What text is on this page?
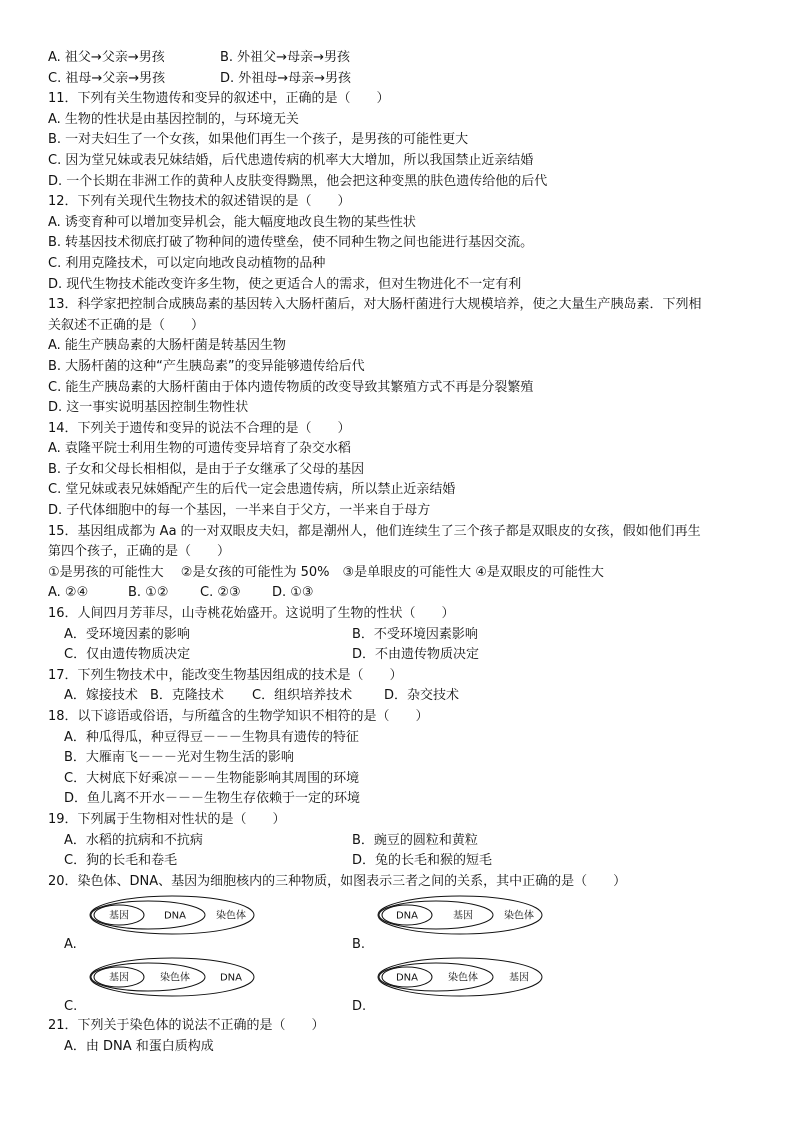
A. 祖父→父亲→男孩	B. 外祖父→母亲→男孩
C. 祖母→父亲→男孩	D. 外祖母→母亲→男孩
11．下列有关生物遗传和变异的叙述中，正确的是（　　）
A. 生物的性状是由基因控制的，与环境无关
B. 一对夫妇生了一个女孩，如果他们再生一个孩子，是男孩的可能性更大
C. 因为堂兄妹或表兄妹结婚，后代患遗传病的机率大大增加，所以我国禁止近亲结婚
D. 一个长期在非洲工作的黄种人皮肤变得黝黑，他会把这种变黑的肤色遗传给他的后代
12．下列有关现代生物技术的叙述错误的是（　　）
A. 诱变育种可以增加变异机会，能大幅度地改良生物的某些性状
B. 转基因技术彻底打破了物种间的遗传壁垒，使不同种生物之间也能进行基因交流。
C. 利用克隆技术，可以定向地改良动植物的品种
D. 现代生物技术能改变许多生物，使之更适合人的需求，但对生物进化不一定有利
13．科学家把控制合成胰岛素的基因转入大肠杆菌后，对大肠杆菌进行大规模培养，使之大量生产胰岛素．下列相
关叙述不正确的是（　　）
A. 能生产胰岛素的大肠杆菌是转基因生物
B. 大肠杆菌的这种“产生胰岛素”的变异能够遗传给后代
C. 能生产胰岛素的大肠杆菌由于体内遗传物质的改变导致其繁殖方式不再是分裂繁殖
D. 这一事实说明基因控制生物性状
14．下列关于遗传和变异的说法不合理的是（　　）
A. 袁隆平院士利用生物的可遗传变异培育了杂交水稻
B. 子女和父母长相相似，是由于子女继承了父母的基因
C. 堂兄妹或表兄妹婚配产生的后代一定会患遗传病，所以禁止近亲结婚
D. 子代体细胞中的每一个基因，一半来自于父方，一半来自于母方
15．基因组成都为 Aa 的一对双眼皮夫妇，都是潮州人，他们连续生了三个孩子都是双眼皮的女孩，假如他们再生
第四个孩子，正确的是（　　）
①是男孩的可能性大　 ②是女孩的可能性为 50%　③是单眼皮的可能性大 ④是双眼皮的可能性大
A. ②④	B. ①②	C. ②③	D. ①③
16．人间四月芳菲尽，山寺桃花始盛开。这说明了生物的性状（　　）
A．受环境因素的影响	B．不受环境因素影响
C．仅由遗传物质决定	D．不由遗传物质决定
17．下列生物技术中，能改变生物基因组成的技术是（　　）
A．嫁接技术 B．克隆技术	C．组织培养技术	D．杂交技术
18．以下谚语或俗语，与所蕴含的生物学知识不相符的是（　　）
A．种瓜得瓜，种豆得豆－－－生物具有遗传的特征
B．大雁南飞－－－光对生物生活的影响
C．大树底下好乘凉－－－生物能影响其周围的环境
D．鱼儿离不开水－－－生物生存依赖于一定的环境
19．下列属于生物相对性状的是（　　）
A．水稻的抗病和不抗病	B．豌豆的圆粒和黄粒
C．狗的长毛和卷毛	D．兔的长毛和猴的短毛
20．染色体、DNA、基因为细胞核内的三种物质，如图表示三者之间的关系，其中正确的是（　　）
A.
基因	DNA	染色体
B.
DNA	基因	染色体
C.
基因	染色体	DNA
D.
DNA	染色体	基因
21．下列关于染色体的说法不正确的是（　　）
A．由 DNA 和蛋白质构成
